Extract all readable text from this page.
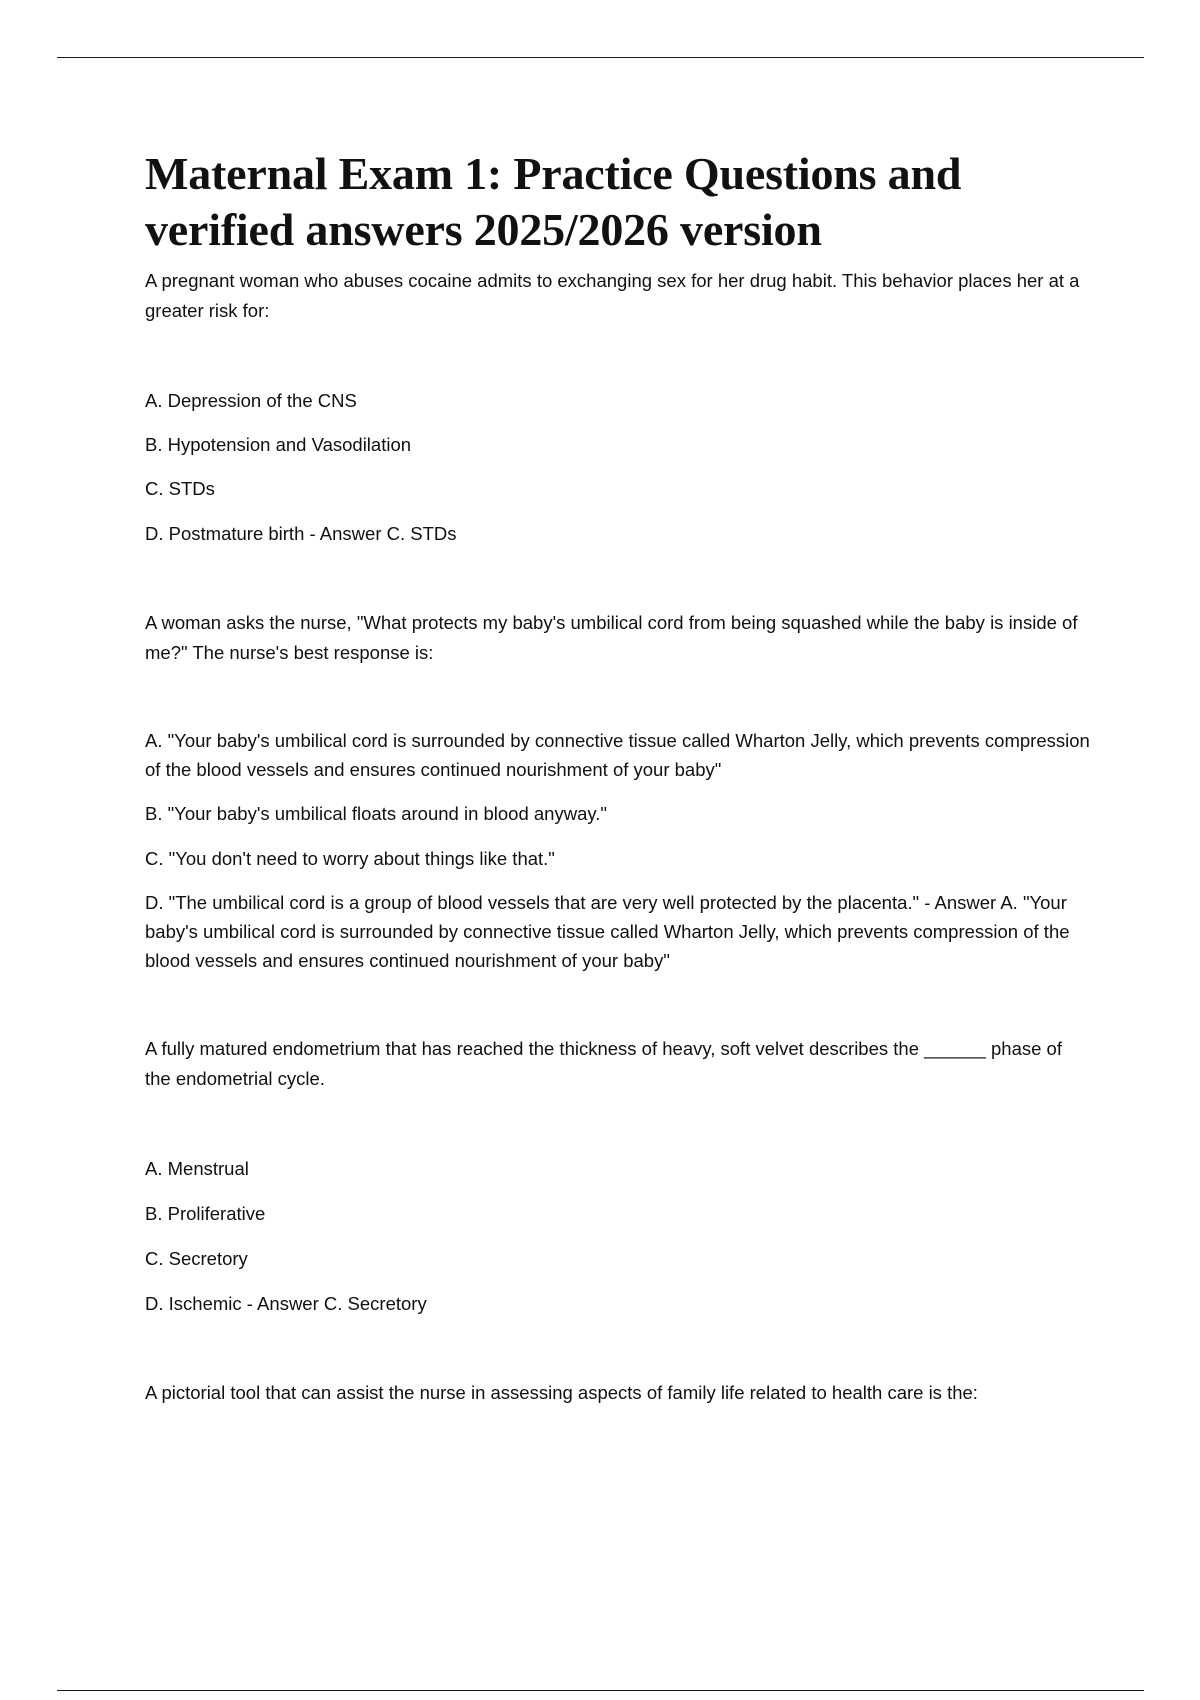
Maternal Exam 1: Practice Questions and verified answers 2025/2026 version

A pregnant woman who abuses cocaine admits to exchanging sex for her drug habit. This behavior places her at a greater risk for:

A. Depression of the CNS
B. Hypotension and Vasodilation
C. STDs
D. Postmature birth - Answer C. STDs

A woman asks the nurse, "What protects my baby's umbilical cord from being squashed while the baby is inside of me?" The nurse's best response is:

A. "Your baby's umbilical cord is surrounded by connective tissue called Wharton Jelly, which prevents compression of the blood vessels and ensures continued nourishment of your baby"
B. "Your baby's umbilical floats around in blood anyway."
C. "You don't need to worry about things like that."
D. "The umbilical cord is a group of blood vessels that are very well protected by the placenta." - Answer A. "Your baby's umbilical cord is surrounded by connective tissue called Wharton Jelly, which prevents compression of the blood vessels and ensures continued nourishment of your baby"

A fully matured endometrium that has reached the thickness of heavy, soft velvet describes the ______ phase of the endometrial cycle.

A. Menstrual
B. Proliferative
C. Secretory
D. Ischemic - Answer C. Secretory

A pictorial tool that can assist the nurse in assessing aspects of family life related to health care is the:
